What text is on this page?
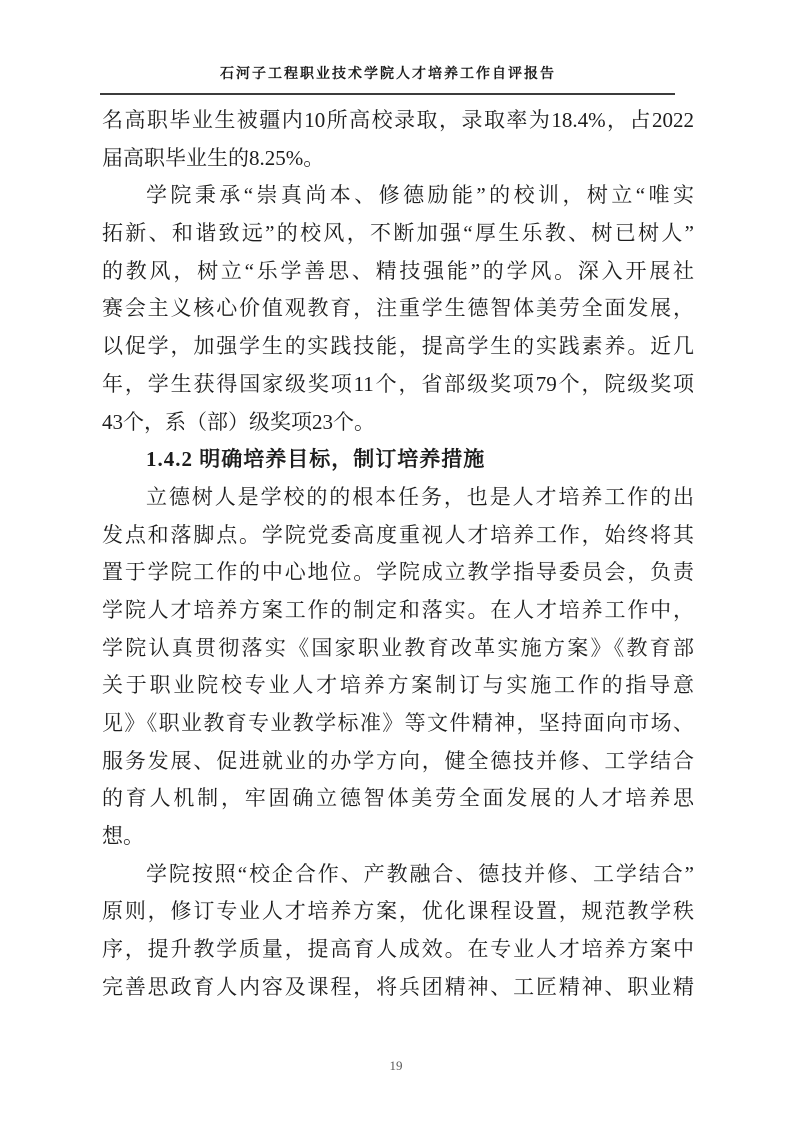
石河子工程职业技术学院人才培养工作自评报告
名高职毕业生被疆内10所高校录取，录取率为18.4%，占2022
届高职毕业生的8.25%。
学院秉承“崇真尚本、修德励能”的校训，树立“唯实
拓新、和谐致远”的校风，不断加强“厚生乐教、树已树人”
的教风，树立“乐学善思、精技强能”的学风。深入开展社
赛会主义核心价值观教育，注重学生德智体美劳全面发展，
以促学，加强学生的实践技能，提高学生的实践素养。近几
年，学生获得国家级奖项11个，省部级奖项79个，院级奖项
43个，系（部）级奖项23个。
1.4.2 明确培养目标，制订培养措施
立德树人是学校的的根本任务，也是人才培养工作的出
发点和落脚点。学院党委高度重视人才培养工作，始终将其
置于学院工作的中心地位。学院成立教学指导委员会，负责
学院人才培养方案工作的制定和落实。在人才培养工作中，
学院认真贯彻落实《国家职业教育改革实施方案》《教育部
关于职业院校专业人才培养方案制订与实施工作的指导意
见》《职业教育专业教学标准》等文件精神，坚持面向市场、
服务发展、促进就业的办学方向，健全德技并修、工学结合
的育人机制，牢固确立德智体美劳全面发展的人才培养思
想。
学院按照“校企合作、产教融合、德技并修、工学结合”
原则，修订专业人才培养方案，优化课程设置，规范教学秩
序，提升教学质量，提高育人成效。在专业人才培养方案中
完善思政育人内容及课程，将兵团精神、工匠精神、职业精
19
